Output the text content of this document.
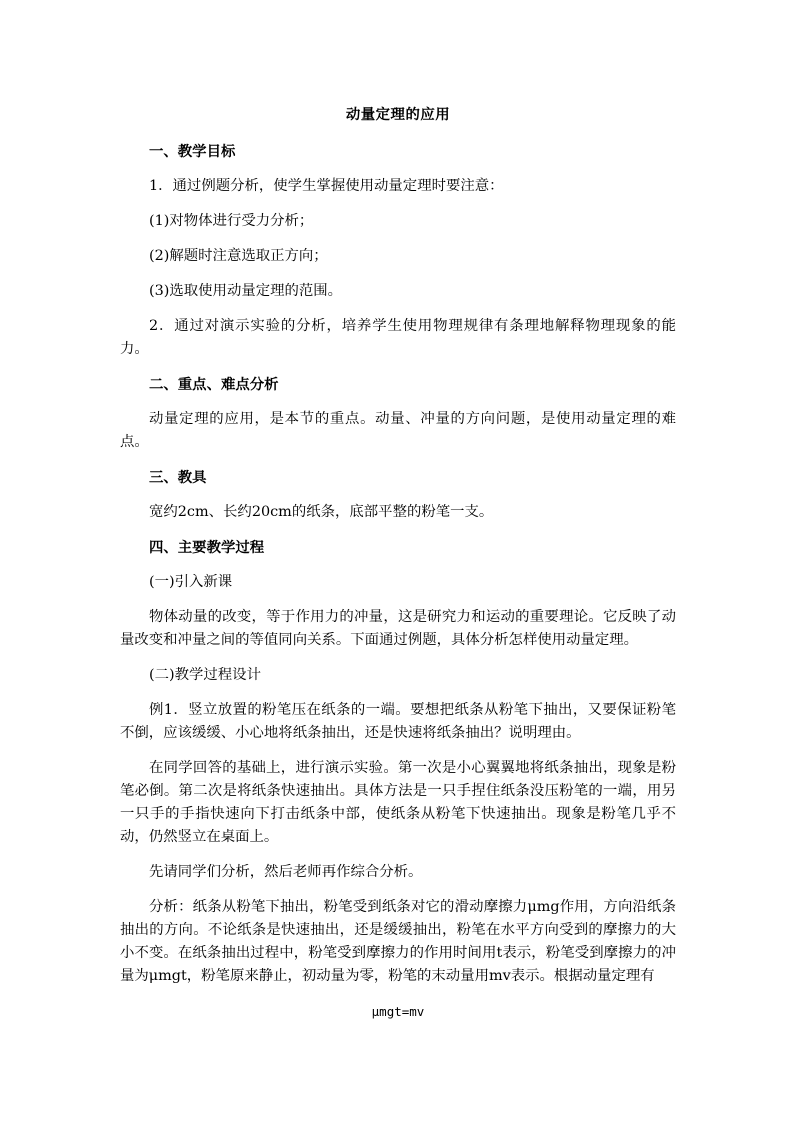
动量定理的应用
一、教学目标
1．通过例题分析，使学生掌握使用动量定理时要注意：
(1)对物体进行受力分析；
(2)解题时注意选取正方向；
(3)选取使用动量定理的范围。
2．通过对演示实验的分析，培养学生使用物理规律有条理地解释物理现象的能力。
二、重点、难点分析
动量定理的应用，是本节的重点。动量、冲量的方向问题，是使用动量定理的难点。
三、教具
宽约2cm、长约20cm的纸条，底部平整的粉笔一支。
四、主要教学过程
(一)引入新课
物体动量的改变，等于作用力的冲量，这是研究力和运动的重要理论。它反映了动量改变和冲量之间的等值同向关系。下面通过例题，具体分析怎样使用动量定理。
(二)教学过程设计
例1．竖立放置的粉笔压在纸条的一端。要想把纸条从粉笔下抽出，又要保证粉笔不倒，应该缓缓、小心地将纸条抽出，还是快速将纸条抽出？说明理由。
在同学回答的基础上，进行演示实验。第一次是小心翼翼地将纸条抽出，现象是粉笔必倒。第二次是将纸条快速抽出。具体方法是一只手捏住纸条没压粉笔的一端，用另一只手的手指快速向下打击纸条中部，使纸条从粉笔下快速抽出。现象是粉笔几乎不动，仍然竖立在桌面上。
先请同学们分析，然后老师再作综合分析。
分析：纸条从粉笔下抽出，粉笔受到纸条对它的滑动摩擦力μmg作用，方向沿纸条抽出的方向。不论纸条是快速抽出，还是缓缓抽出，粉笔在水平方向受到的摩擦力的大小不变。在纸条抽出过程中，粉笔受到摩擦力的作用时间用t表示，粉笔受到摩擦力的冲量为μmgt，粉笔原来静止，初动量为零，粉笔的末动量用mv表示。根据动量定理有
μmgt=mv
